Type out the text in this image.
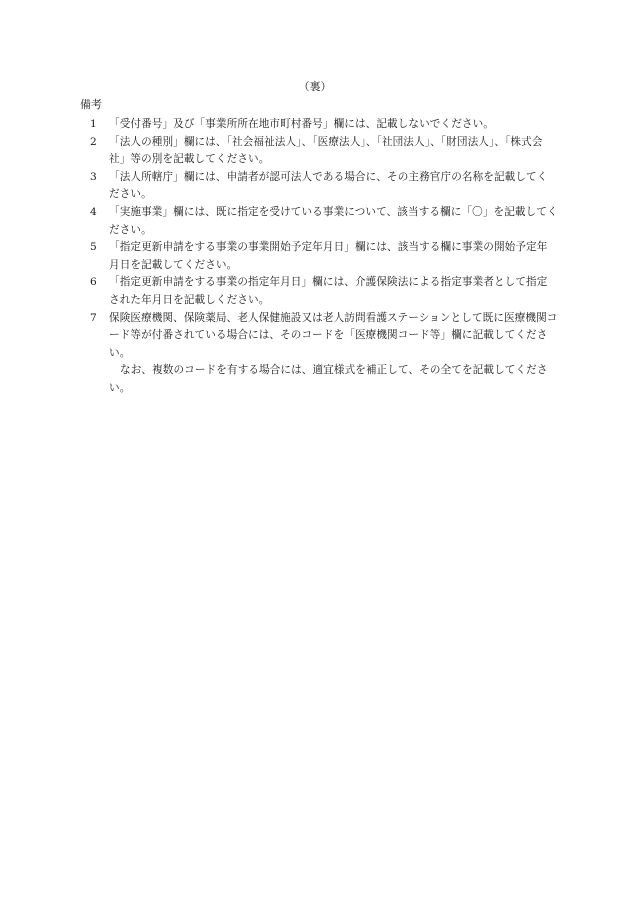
（裏）
備考
1	「受付番号」及び「事業所所在地市町村番号」欄には、記載しないでください。
2	「法人の種別」欄には、「社会福祉法人」、「医療法人」、「社団法人」、「財団法人」、「株式会社」等の別を記載してください。
3	「法人所轄庁」欄には、申請者が認可法人である場合に、その主務官庁の名称を記載してください。
4	「実施事業」欄には、既に指定を受けている事業について、該当する欄に「〇」を記載してください。
5	「指定更新申請をする事業の事業開始予定年月日」欄には、該当する欄に事業の開始予定年月日を記載してください。
6	「指定更新申請をする事業の指定年月日」欄には、介護保険法による指定事業者として指定された年月日を記載しください。
7	保険医療機関、保険薬局、老人保健施設又は老人訪問看護ステーションとして既に医療機関コード等が付番されている場合には、そのコードを「医療機関コード等」欄に記載してください。
なお、複数のコードを有する場合には、適宜様式を補正して、その全てを記載してください。
